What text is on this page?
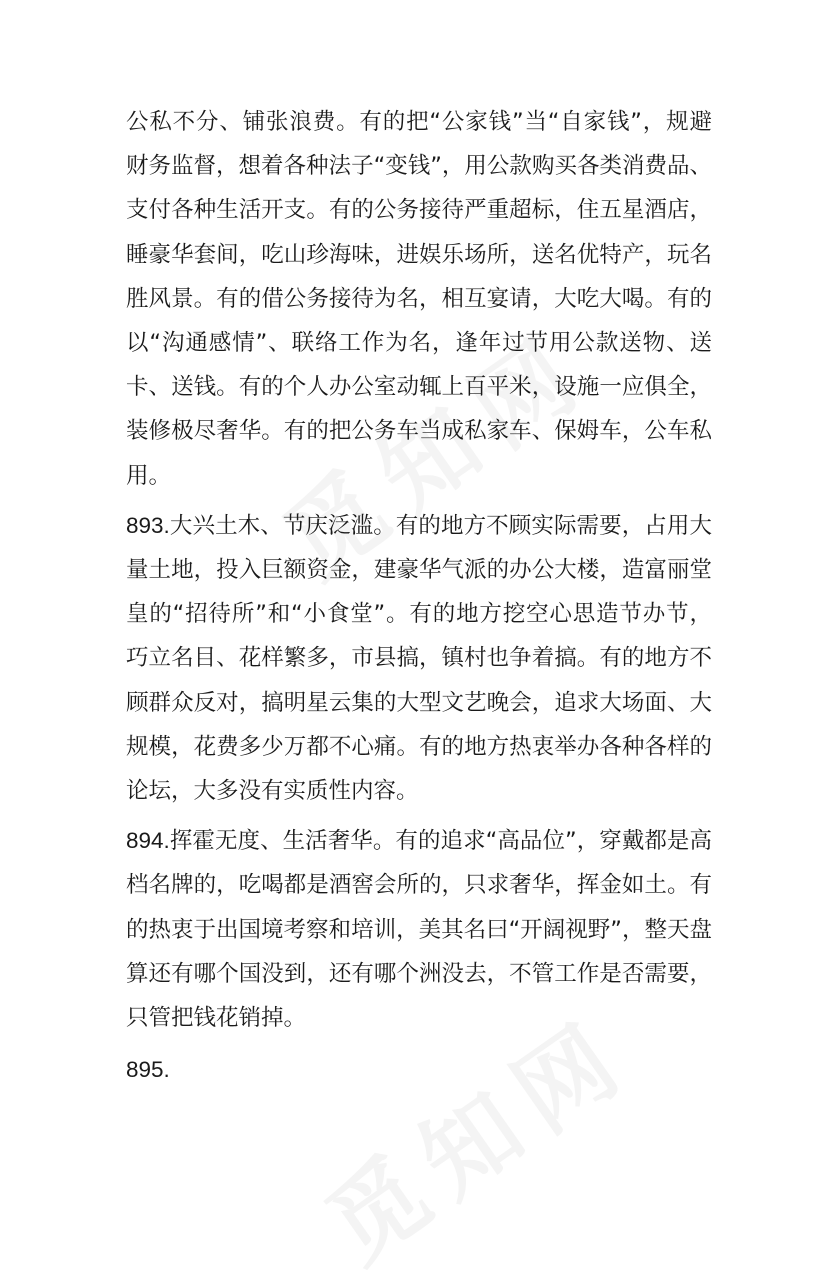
公私不分、铺张浪费。有的把“公家钱”当“自家钱”，规避财务监督，想着各种法子“变钱”，用公款购买各类消费品、支付各种生活开支。有的公务接待严重超标，住五星酒店，睡豪华套间，吃山珍海味，进娱乐场所，送名优特产，玩名胜风景。有的借公务接待为名，相互宴请，大吃大喝。有的以“沟通感情”、联络工作为名，逢年过节用公款送物、送卡、送钱。有的个人办公室动辄上百平米，设施一应俱全，装修极尽奢华。有的把公务车当成私家车、保姆车，公车私用。

893.大兴土木、节庆泛滥。有的地方不顾实际需要，占用大量土地，投入巨额资金，建豪华气派的办公大楼，造富丽堂皇的“招待所”和“小食堂”。有的地方挖空心思造节办节，巧立名目、花样繁多，市县搞，镇村也争着搞。有的地方不顾群众反对，搞明星云集的大型文艺晚会，追求大场面、大规模，花费多少万都不心痛。有的地方热衷举办各种各样的论坛，大多没有实质性内容。

894.挥霍无度、生活奢华。有的追求“高品位”，穿戴都是高档名牌的，吃喝都是酒窖会所的，只求奢华，挥金如土。有的热衷于出国境考察和培训，美其名曰“开阔视野”，整天盘算还有哪个国没到，还有哪个洲没去，不管工作是否需要，只管把钱花销掉。

895.
